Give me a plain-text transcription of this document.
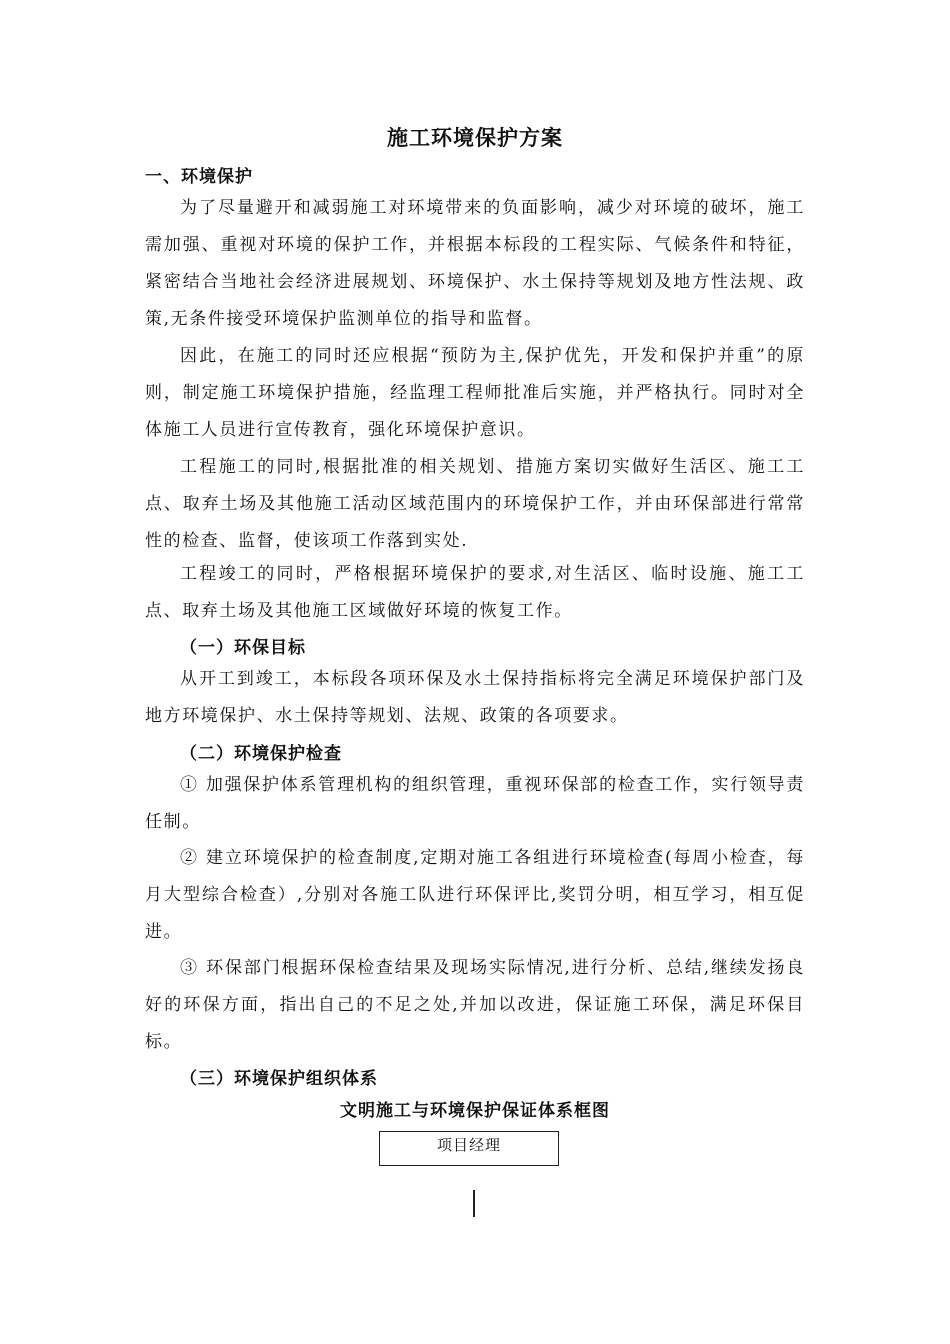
施工环境保护方案
一、环境保护
为了尽量避开和减弱施工对环境带来的负面影响，减少对环境的破坏，施工需加强、重视对环境的保护工作，并根据本标段的工程实际、气候条件和特征，紧密结合当地社会经济进展规划、环境保护、水土保持等规划及地方性法规、政策,无条件接受环境保护监测单位的指导和监督。
因此，在施工的同时还应根据“预防为主,保护优先，开发和保护并重”的原则，制定施工环境保护措施，经监理工程师批准后实施，并严格执行。同时对全体施工人员进行宣传教育，强化环境保护意识。
工程施工的同时,根据批准的相关规划、措施方案切实做好生活区、施工工点、取弃土场及其他施工活动区域范围内的环境保护工作，并由环保部进行常常性的检查、监督，使该项工作落到实处.
工程竣工的同时，严格根据环境保护的要求,对生活区、临时设施、施工工点、取弃土场及其他施工区域做好环境的恢复工作。
（一）环保目标
从开工到竣工，本标段各项环保及水土保持指标将完全满足环境保护部门及地方环境保护、水土保持等规划、法规、政策的各项要求。
（二）环境保护检查
① 加强保护体系管理机构的组织管理，重视环保部的检查工作，实行领导责任制。
② 建立环境保护的检查制度,定期对施工各组进行环境检查(每周小检查，每月大型综合检查）,分别对各施工队进行环保评比,奖罚分明，相互学习，相互促进。
③ 环保部门根据环保检查结果及现场实际情况,进行分析、总结,继续发扬良好的环保方面，指出自己的不足之处,并加以改进，保证施工环保，满足环保目标。
（三）环境保护组织体系
文明施工与环境保护保证体系框图
项目经理
